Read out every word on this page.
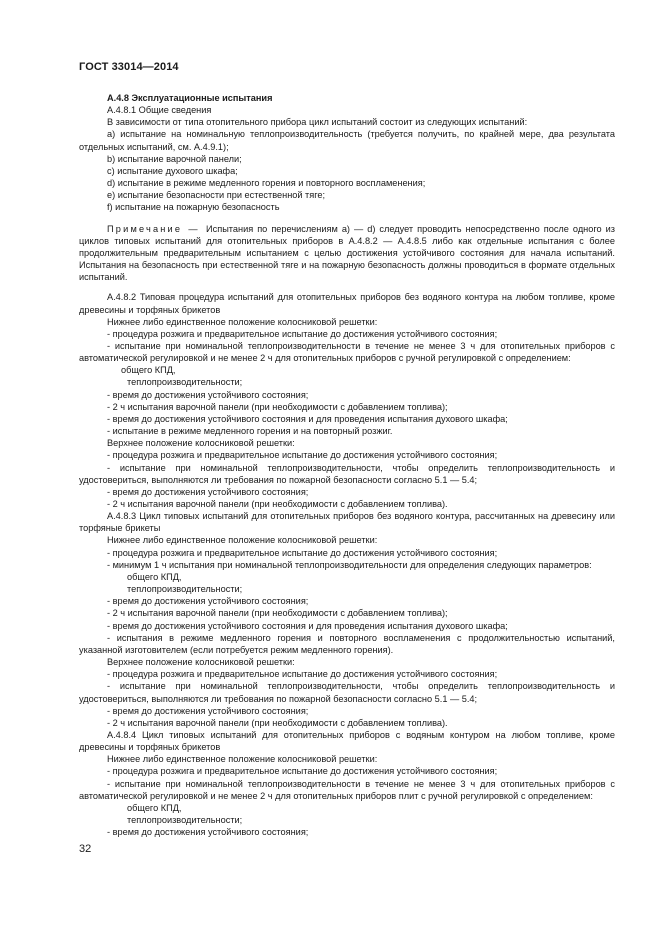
ГОСТ 33014—2014

А.4.8 Эксплуатационные испытания

А.4.8.1 Общие сведения

В зависимости от типа отопительного прибора цикл испытаний состоит из следующих испытаний:

а) испытание на номинальную теплопроизводительность (требуется получить, по крайней мере, два результата отдельных испытаний, см. А.4.9.1);

b) испытание варочной панели;

с) испытание духового шкафа;

d) испытание в режиме медленного горения и повторного воспламенения;

е) испытание безопасности при естественной тяге;

f) испытание на пожарную безопасность

Примечание — Испытания по перечислениям а) — d) следует проводить непосредственно после одного из циклов типовых испытаний для отопительных приборов в А.4.8.2 — А.4.8.5 либо как отдельные испытания с более продолжительным предварительным испытанием с целью достижения устойчивого состояния для начала испытаний. Испытания на безопасность при естественной тяге и на пожарную безопасность должны проводиться в формате отдельных испытаний.

А.4.8.2 Типовая процедура испытаний для отопительных приборов без водяного контура на любом топливе, кроме древесины и торфяных брикетов

Нижнее либо единственное положение колосниковой решетки:

- процедура розжига и предварительное испытание до достижения устойчивого состояния;

- испытание при номинальной теплопроизводительности в течение не менее 3 ч для отопительных приборов с автоматической регулировкой и не менее 2 ч для отопительных приборов с ручной регулировкой с определением:

общего КПД,

теплопроизводительности;

- время до достижения устойчивого состояния;

- 2 ч испытания варочной панели (при необходимости с добавлением топлива);

- время до достижения устойчивого состояния и для проведения испытания духового шкафа;

- испытание в режиме медленного горения и на повторный розжиг.

Верхнее положение колосниковой решетки:

- процедура розжига и предварительное испытание до достижения устойчивого состояния;

- испытание при номинальной теплопроизводительности, чтобы определить теплопроизводительность и удостовериться, выполняются ли требования по пожарной безопасности согласно 5.1 — 5.4;

- время до достижения устойчивого состояния;

- 2 ч испытания варочной панели (при необходимости с добавлением топлива).

А.4.8.3 Цикл типовых испытаний для отопительных приборов без водяного контура, рассчитанных на древесину или торфяные брикеты

Нижнее либо единственное положение колосниковой решетки:

- процедура розжига и предварительное испытание до достижения устойчивого состояния;

- минимум 1 ч испытания при номинальной теплопроизводительности для определения следующих параметров:

общего КПД,

теплопроизводительности;

- время до достижения устойчивого состояния;

- 2 ч испытания варочной панели (при необходимости с добавлением топлива);

- время до достижения устойчивого состояния и для проведения испытания духового шкафа;

- испытания в режиме медленного горения и повторного воспламенения с продолжительностью испытаний, указанной изготовителем (если потребуется режим медленного горения).

Верхнее положение колосниковой решетки:

- процедура розжига и предварительное испытание до достижения устойчивого состояния;

- испытание при номинальной теплопроизводительности, чтобы определить теплопроизводительность и удостовериться, выполняются ли требования по пожарной безопасности согласно 5.1 — 5.4;

- время до достижения устойчивого состояния;

- 2 ч испытания варочной панели (при необходимости с добавлением топлива).

А.4.8.4 Цикл типовых испытаний для отопительных приборов с водяным контуром на любом топливе, кроме древесины и торфяных брикетов

Нижнее либо единственное положение колосниковой решетки:

- процедура розжига и предварительное испытание до достижения устойчивого состояния;

- испытание при номинальной теплопроизводительности в течение не менее 3 ч для отопительных приборов с автоматической регулировкой и не менее 2 ч для отопительных приборов плит с ручной регулировкой с определением:

общего КПД,

теплопроизводительности;

- время до достижения устойчивого состояния;

32
